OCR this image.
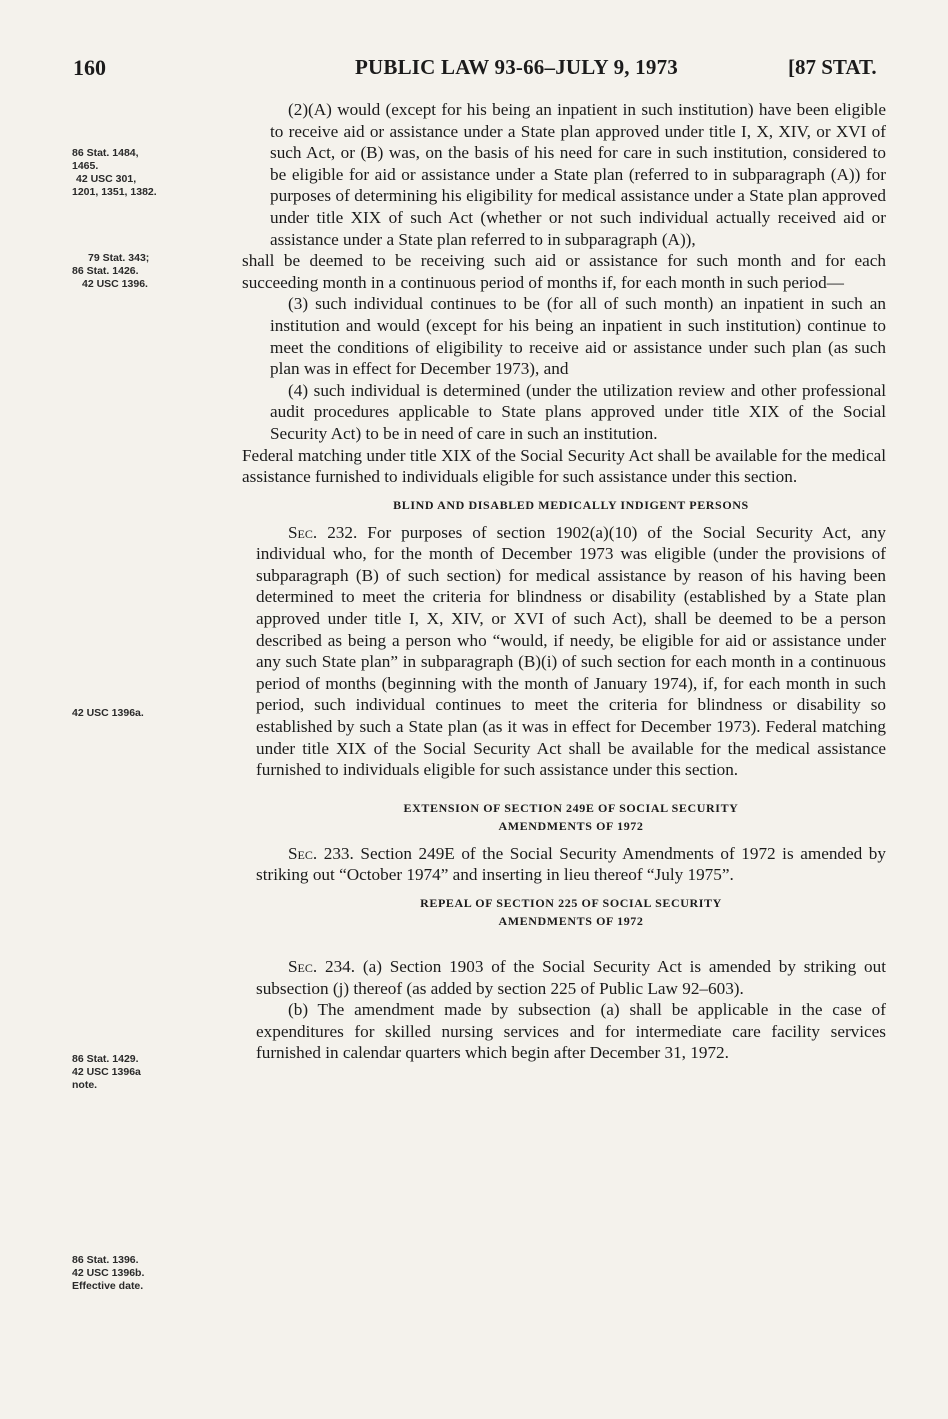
160	PUBLIC LAW 93-66–JULY 9, 1973	[87 STAT.
86 Stat. 1484,
1465.
42 USC 301,
1201, 1351, 1382.
79 Stat. 343;
86 Stat. 1426.
42 USC 1396.
42 USC 1396a.
86 Stat. 1429.
42 USC 1396a
note.
86 Stat. 1396.
42 USC 1396b.
Effective date.

(2)(A) would (except for his being an inpatient in such institution) have been eligible to receive aid or assistance under a State plan approved under title I, X, XIV, or XVI of such Act, or (B) was, on the basis of his need for care in such institution, considered to be eligible for aid or assistance under a State plan (referred to in subparagraph (A)) for purposes of determining his eligibility for medical assistance under a State plan approved under title XIX of such Act (whether or not such individual actually received aid or assistance under a State plan referred to in subparagraph (A)),

shall be deemed to be receiving such aid or assistance for such month and for each succeeding month in a continuous period of months if, for each month in such period—

(3) such individual continues to be (for all of such month) an inpatient in such an institution and would (except for his being an inpatient in such institution) continue to meet the conditions of eligibility to receive aid or assistance under such plan (as such plan was in effect for December 1973), and

(4) such individual is determined (under the utilization review and other professional audit procedures applicable to State plans approved under title XIX of the Social Security Act) to be in need of care in such an institution.

Federal matching under title XIX of the Social Security Act shall be available for the medical assistance furnished to individuals eligible for such assistance under this section.

BLIND AND DISABLED MEDICALLY INDIGENT PERSONS

Sec. 232. For purposes of section 1902(a)(10) of the Social Security Act, any individual who, for the month of December 1973 was eligible (under the provisions of subparagraph (B) of such section) for medical assistance by reason of his having been determined to meet the criteria for blindness or disability (established by a State plan approved under title I, X, XIV, or XVI of such Act), shall be deemed to be a person described as being a person who “would, if needy, be eligible for aid or assistance under any such State plan” in subparagraph (B)(i) of such section for each month in a continuous period of months (beginning with the month of January 1974), if, for each month in such period, such individual continues to meet the criteria for blindness or disability so established by such a State plan (as it was in effect for December 1973). Federal matching under title XIX of the Social Security Act shall be available for the medical assistance furnished to individuals eligible for such assistance under this section.

EXTENSION OF SECTION 249E OF SOCIAL SECURITY
AMENDMENTS OF 1972

Sec. 233. Section 249E of the Social Security Amendments of 1972 is amended by striking out “October 1974” and inserting in lieu thereof “July 1975”.

REPEAL OF SECTION 225 OF SOCIAL SECURITY
AMENDMENTS OF 1972

Sec. 234. (a) Section 1903 of the Social Security Act is amended by striking out subsection (j) thereof (as added by section 225 of Public Law 92–603).

(b) The amendment made by subsection (a) shall be applicable in the case of expenditures for skilled nursing services and for intermediate care facility services furnished in calendar quarters which begin after December 31, 1972.
